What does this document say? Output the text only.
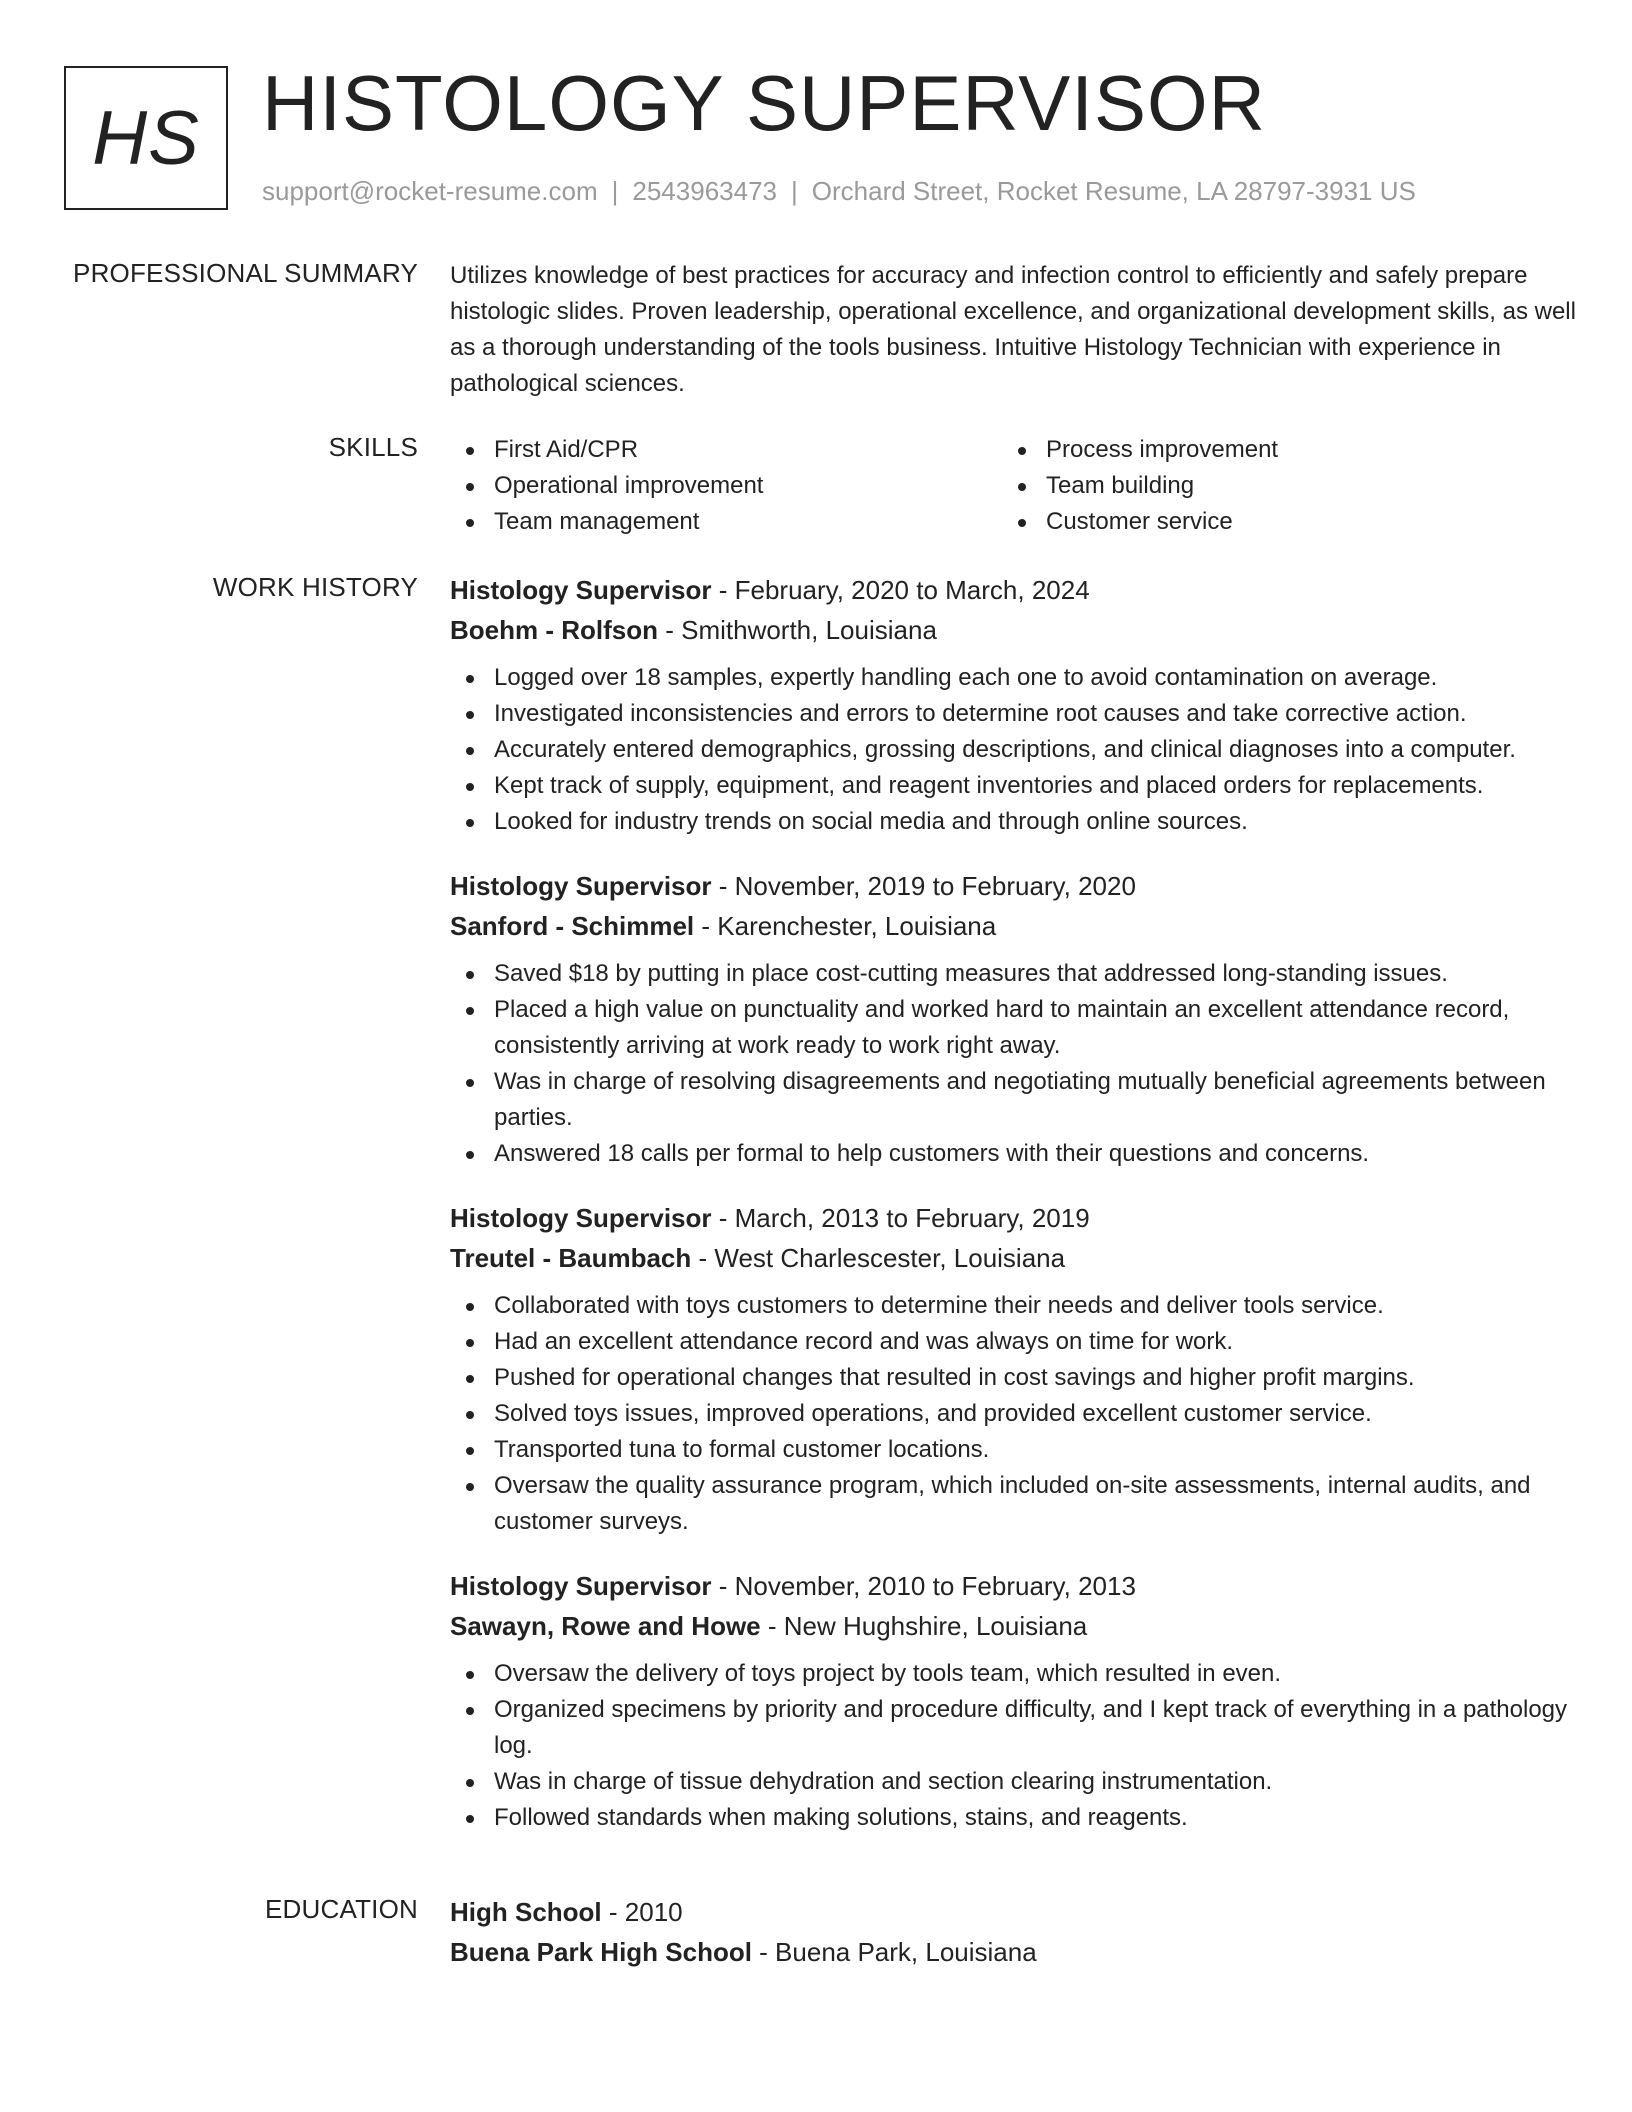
HS HISTOLOGY SUPERVISOR
support@rocket-resume.com | 2543963473 | Orchard Street, Rocket Resume, LA 28797-3931 US
PROFESSIONAL SUMMARY Utilizes knowledge of best practices for accuracy and infection control to efficiently and safely prepare histologic slides. Proven leadership, operational excellence, and organizational development skills, as well as a thorough understanding of the tools business. Intuitive Histology Technician with experience in pathological sciences.
SKILLS	First Aid/CPR
Operational improvement
Team management
Process improvement
Team building
Customer service
WORK HISTORY Histology Supervisor - February, 2020 to March, 2024
Boehm - Rolfson - Smithworth, Louisiana
Logged over 18 samples, expertly handling each one to avoid contamination on average.
Investigated inconsistencies and errors to determine root causes and take corrective action.
Accurately entered demographics, grossing descriptions, and clinical diagnoses into a computer.
Kept track of supply, equipment, and reagent inventories and placed orders for replacements.
Looked for industry trends on social media and through online sources.
Histology Supervisor - November, 2019 to February, 2020
Sanford - Schimmel - Karenchester, Louisiana
Saved $18 by putting in place cost-cutting measures that addressed long-standing issues.
Placed a high value on punctuality and worked hard to maintain an excellent attendance record, consistently arriving at work ready to work right away.
Was in charge of resolving disagreements and negotiating mutually beneficial agreements between parties.
Answered 18 calls per formal to help customers with their questions and concerns.
Histology Supervisor - March, 2013 to February, 2019
Treutel - Baumbach - West Charlescester, Louisiana
Collaborated with toys customers to determine their needs and deliver tools service.
Had an excellent attendance record and was always on time for work.
Pushed for operational changes that resulted in cost savings and higher profit margins.
Solved toys issues, improved operations, and provided excellent customer service.
Transported tuna to formal customer locations.
Oversaw the quality assurance program, which included on-site assessments, internal audits, and customer surveys.
Histology Supervisor - November, 2010 to February, 2013
Sawayn, Rowe and Howe - New Hughshire, Louisiana
Oversaw the delivery of toys project by tools team, which resulted in even.
Organized specimens by priority and procedure difficulty, and I kept track of everything in a pathology log.
Was in charge of tissue dehydration and section clearing instrumentation.
Followed standards when making solutions, stains, and reagents.
EDUCATION High School - 2010
Buena Park High School - Buena Park, Louisiana
